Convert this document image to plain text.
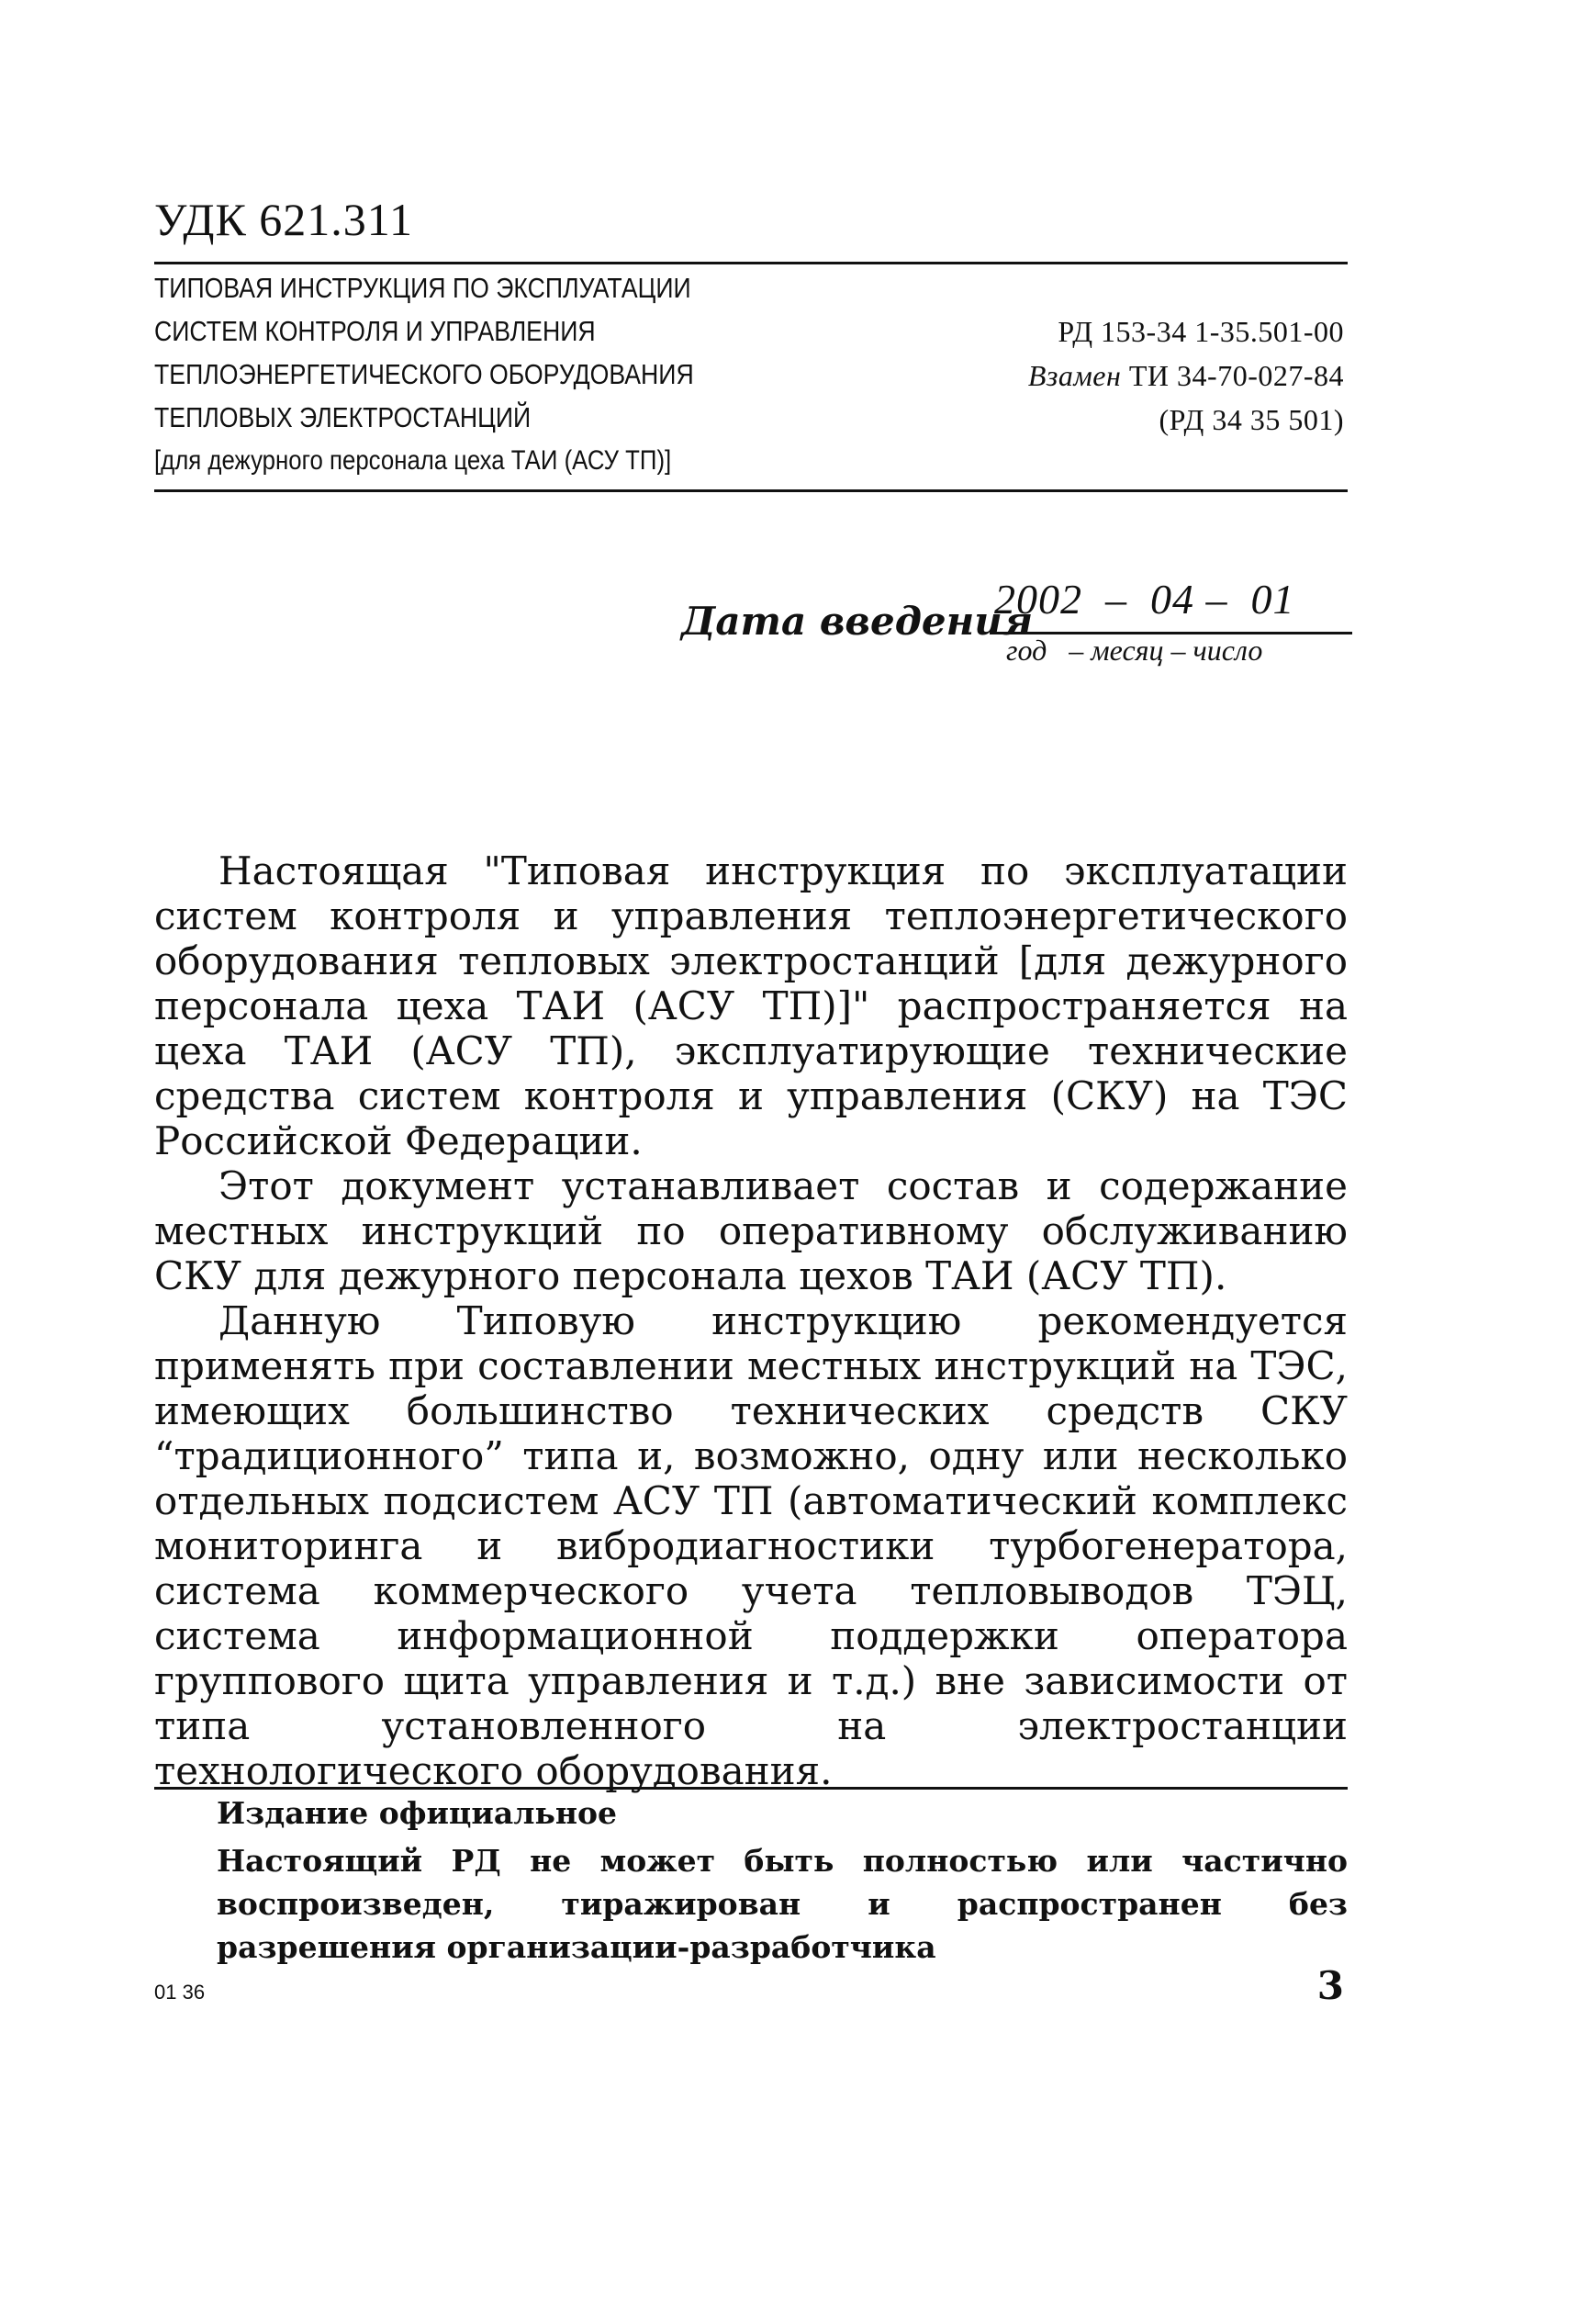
УДК 621.311
ТИПОВАЯ ИНСТРУКЦИЯ ПО ЭКСПЛУАТАЦИИ
СИСТЕМ КОНТРОЛЯ И УПРАВЛЕНИЯ
ТЕПЛОЭНЕРГЕТИЧЕСКОГО ОБОРУДОВАНИЯ
ТЕПЛОВЫХ ЭЛЕКТРОСТАНЦИЙ
[для дежурного персонала цеха ТАИ (АСУ ТП)]
РД 153-34 1-35.501-00
Взамен ТИ 34-70-027-84
(РД 34 35 501)
Дата введения
2002  –  04 –  01
год   – месяц – число

Настоящая "Типовая инструкция по эксплуатации систем контроля и управления теплоэнергетического оборудования тепловых электростанций [для дежурного персонала цеха ТАИ (АСУ ТП)]" распространяется на цеха ТАИ (АСУ ТП), эксплуатирующие технические средства систем контроля и управления (СКУ) на ТЭС Российской Федерации.

Этот документ устанавливает состав и содержание местных инструкций по оперативному обслуживанию СКУ для дежурного персонала цехов ТАИ (АСУ ТП).

Данную Типовую инструкцию рекомендуется применять при составлении местных инструкций на ТЭС, имеющих большинство технических средств СКУ “традиционного” типа и, возможно, одну или несколько отдельных подсистем АСУ ТП (автоматический комплекс мониторинга и вибродиагностики турбогенератора, система коммерческого учета тепловыводов ТЭЦ, система информационной поддержки оператора группового щита управления и т.д.) вне зависимости от типа установленного на электростанции технологического оборудования.

Издание официальное
Настоящий РД не может быть полностью или частично воспроизведен, тиражирован и распространен без разрешения организации-разработчика
01 36	3
